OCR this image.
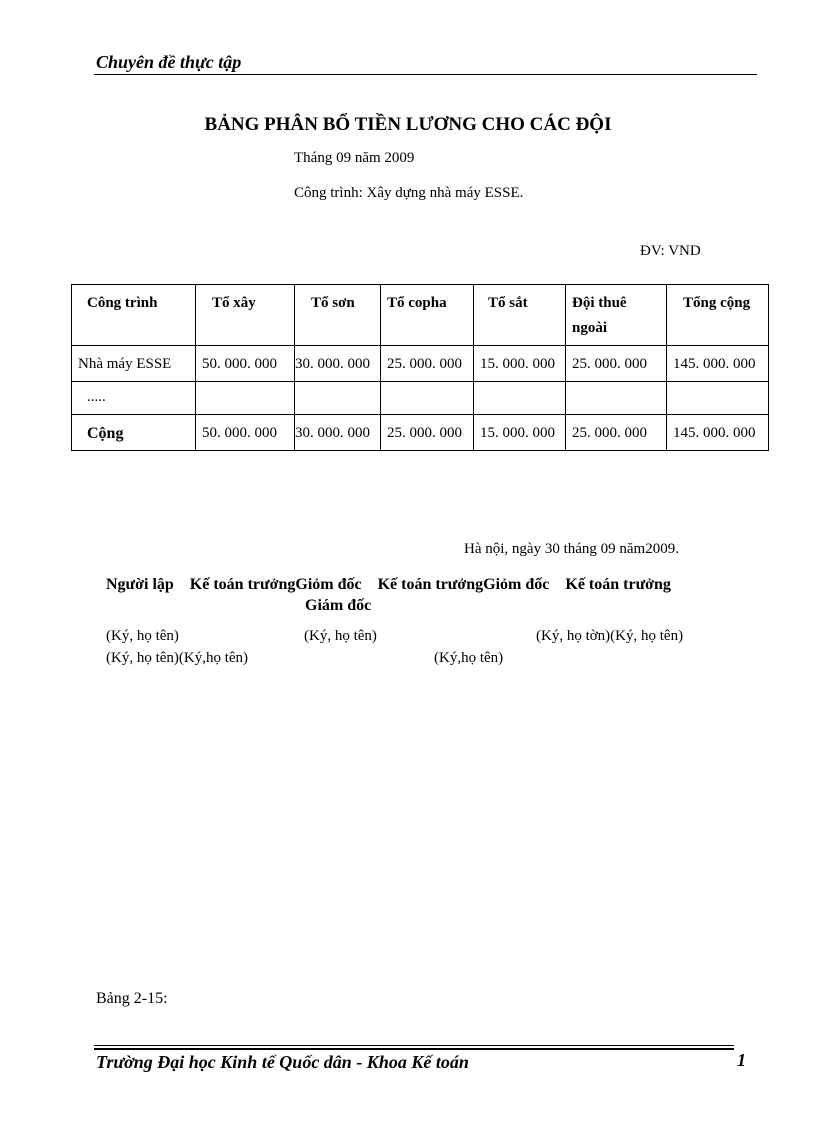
Chuyên đề thực tập
BẢNG PHÂN BỔ TIỀN LƯƠNG CHO CÁC ĐỘI
Tháng 09 năm 2009
Công trình: Xây dựng nhà máy ESSE.
ĐV: VND
Công trình	Tổ xây	Tổ sơn	Tổ copha	Tổ sắt	Đội thuê ngoài	Tổng cộng
Nhà máy ESSE	50. 000. 000	30. 000. 000	25. 000. 000	15. 000. 000	25. 000. 000	145. 000. 000
.....						
Cộng	50. 000. 000	30. 000. 000	25. 000. 000	15. 000. 000	25. 000. 000	145. 000. 000
Hà nội, ngày 30 tháng 09 năm2009.
Người lập    Kế toán trưởngGiỏm đốc    Kế toán trưởngGiỏm đốc    Kế toán trưởng
Giám đốc
(Ký, họ tên)	(Ký, họ tên)	(Ký, họ tờn)(Ký, họ tên)
(Ký, họ tên)(Ký,họ tên)	(Ký,họ tên)
Bảng 2-15:
Trường Đại học Kinh tế Quốc dân - Khoa Kế toán	1
